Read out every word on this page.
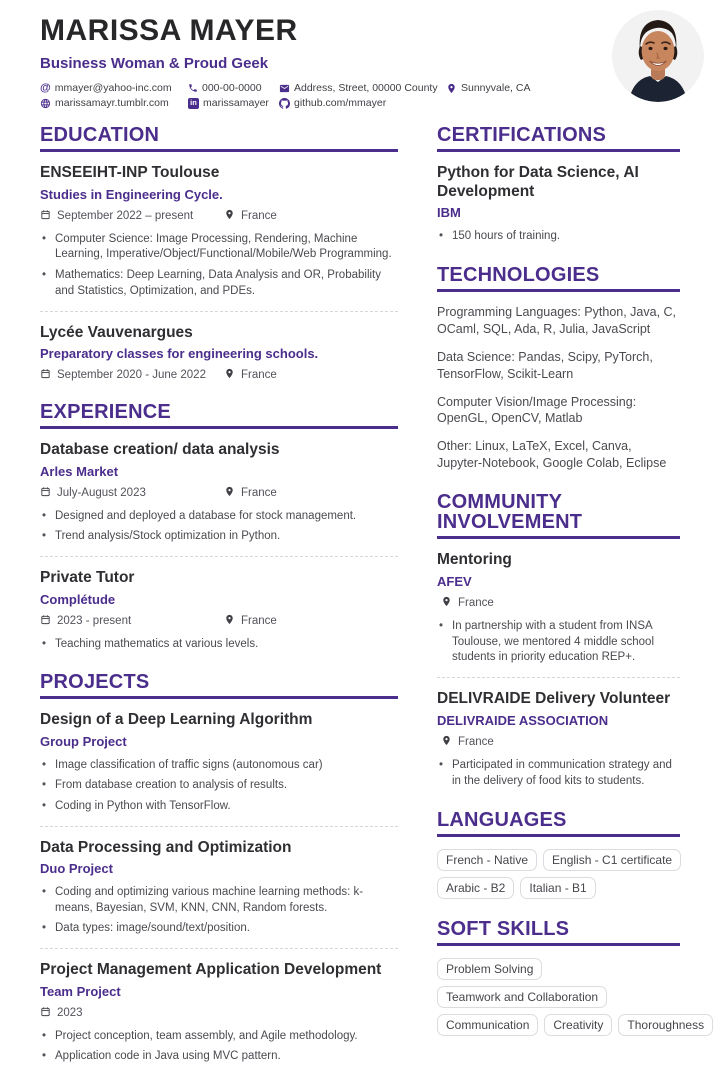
MARISSA MAYER
Business Woman & Proud Geek
@ mmayer@yahoo-inc.com	000-00-0000	Address, Street, 00000 County Sunnyvale, CA
marissamayr.tumblr.com	in marissamayer github.com/mmayer
EDUCATION
ENSEEIHT-INP Toulouse
Studies in Engineering Cycle.
September 2022 – present	France
• Computer Science: Image Processing, Rendering, Machine Learning, Imperative/Object/Functional/Mobile/Web Programming.
• Mathematics: Deep Learning, Data Analysis and OR, Probability and Statistics, Optimization, and PDEs.
Lycée Vauvenargues
Preparatory classes for engineering schools.
September 2020 - June 2022	France
EXPERIENCE
Database creation/ data analysis
Arles Market
July-August 2023	France
• Designed and deployed a database for stock management.
• Trend analysis/Stock optimization in Python.
Private Tutor
Complétude
2023 - present	France
• Teaching mathematics at various levels.
PROJECTS
Design of a Deep Learning Algorithm
Group Project
• Image classification of traffic signs (autonomous car)
• From database creation to analysis of results.
• Coding in Python with TensorFlow.
Data Processing and Optimization
Duo Project
• Coding and optimizing various machine learning methods: k-means, Bayesian, SVM, KNN, CNN, Random forests.
• Data types: image/sound/text/position.
Project Management Application Development
Team Project
2023
• Project conception, team assembly, and Agile methodology.
• Application code in Java using MVC pattern.
CERTIFICATIONS
Python for Data Science, AI Development
IBM
• 150 hours of training.
TECHNOLOGIES

Programming Languages: Python, Java, C, OCaml, SQL, Ada, R, Julia, JavaScript

Data Science: Pandas, Scipy, PyTorch, TensorFlow, Scikit-Learn

Computer Vision/Image Processing: OpenGL, OpenCV, Matlab

Other: Linux, LaTeX, Excel, Canva, Jupyter-Notebook, Google Colab, Eclipse

COMMUNITY INVOLVEMENT
Mentoring
AFEV
France
• In partnership with a student from INSA Toulouse, we mentored 4 middle school students in priority education REP+.
DELIVRAIDE Delivery Volunteer
DELIVRAIDE ASSOCIATION
France
• Participated in communication strategy and in the delivery of food kits to students.
LANGUAGES
French - Native	English - C1 certificate
Arabic - B2	Italian - B1
SOFT SKILLS
Problem Solving
Teamwork and Collaboration
Communication	Creativity	Thoroughness
